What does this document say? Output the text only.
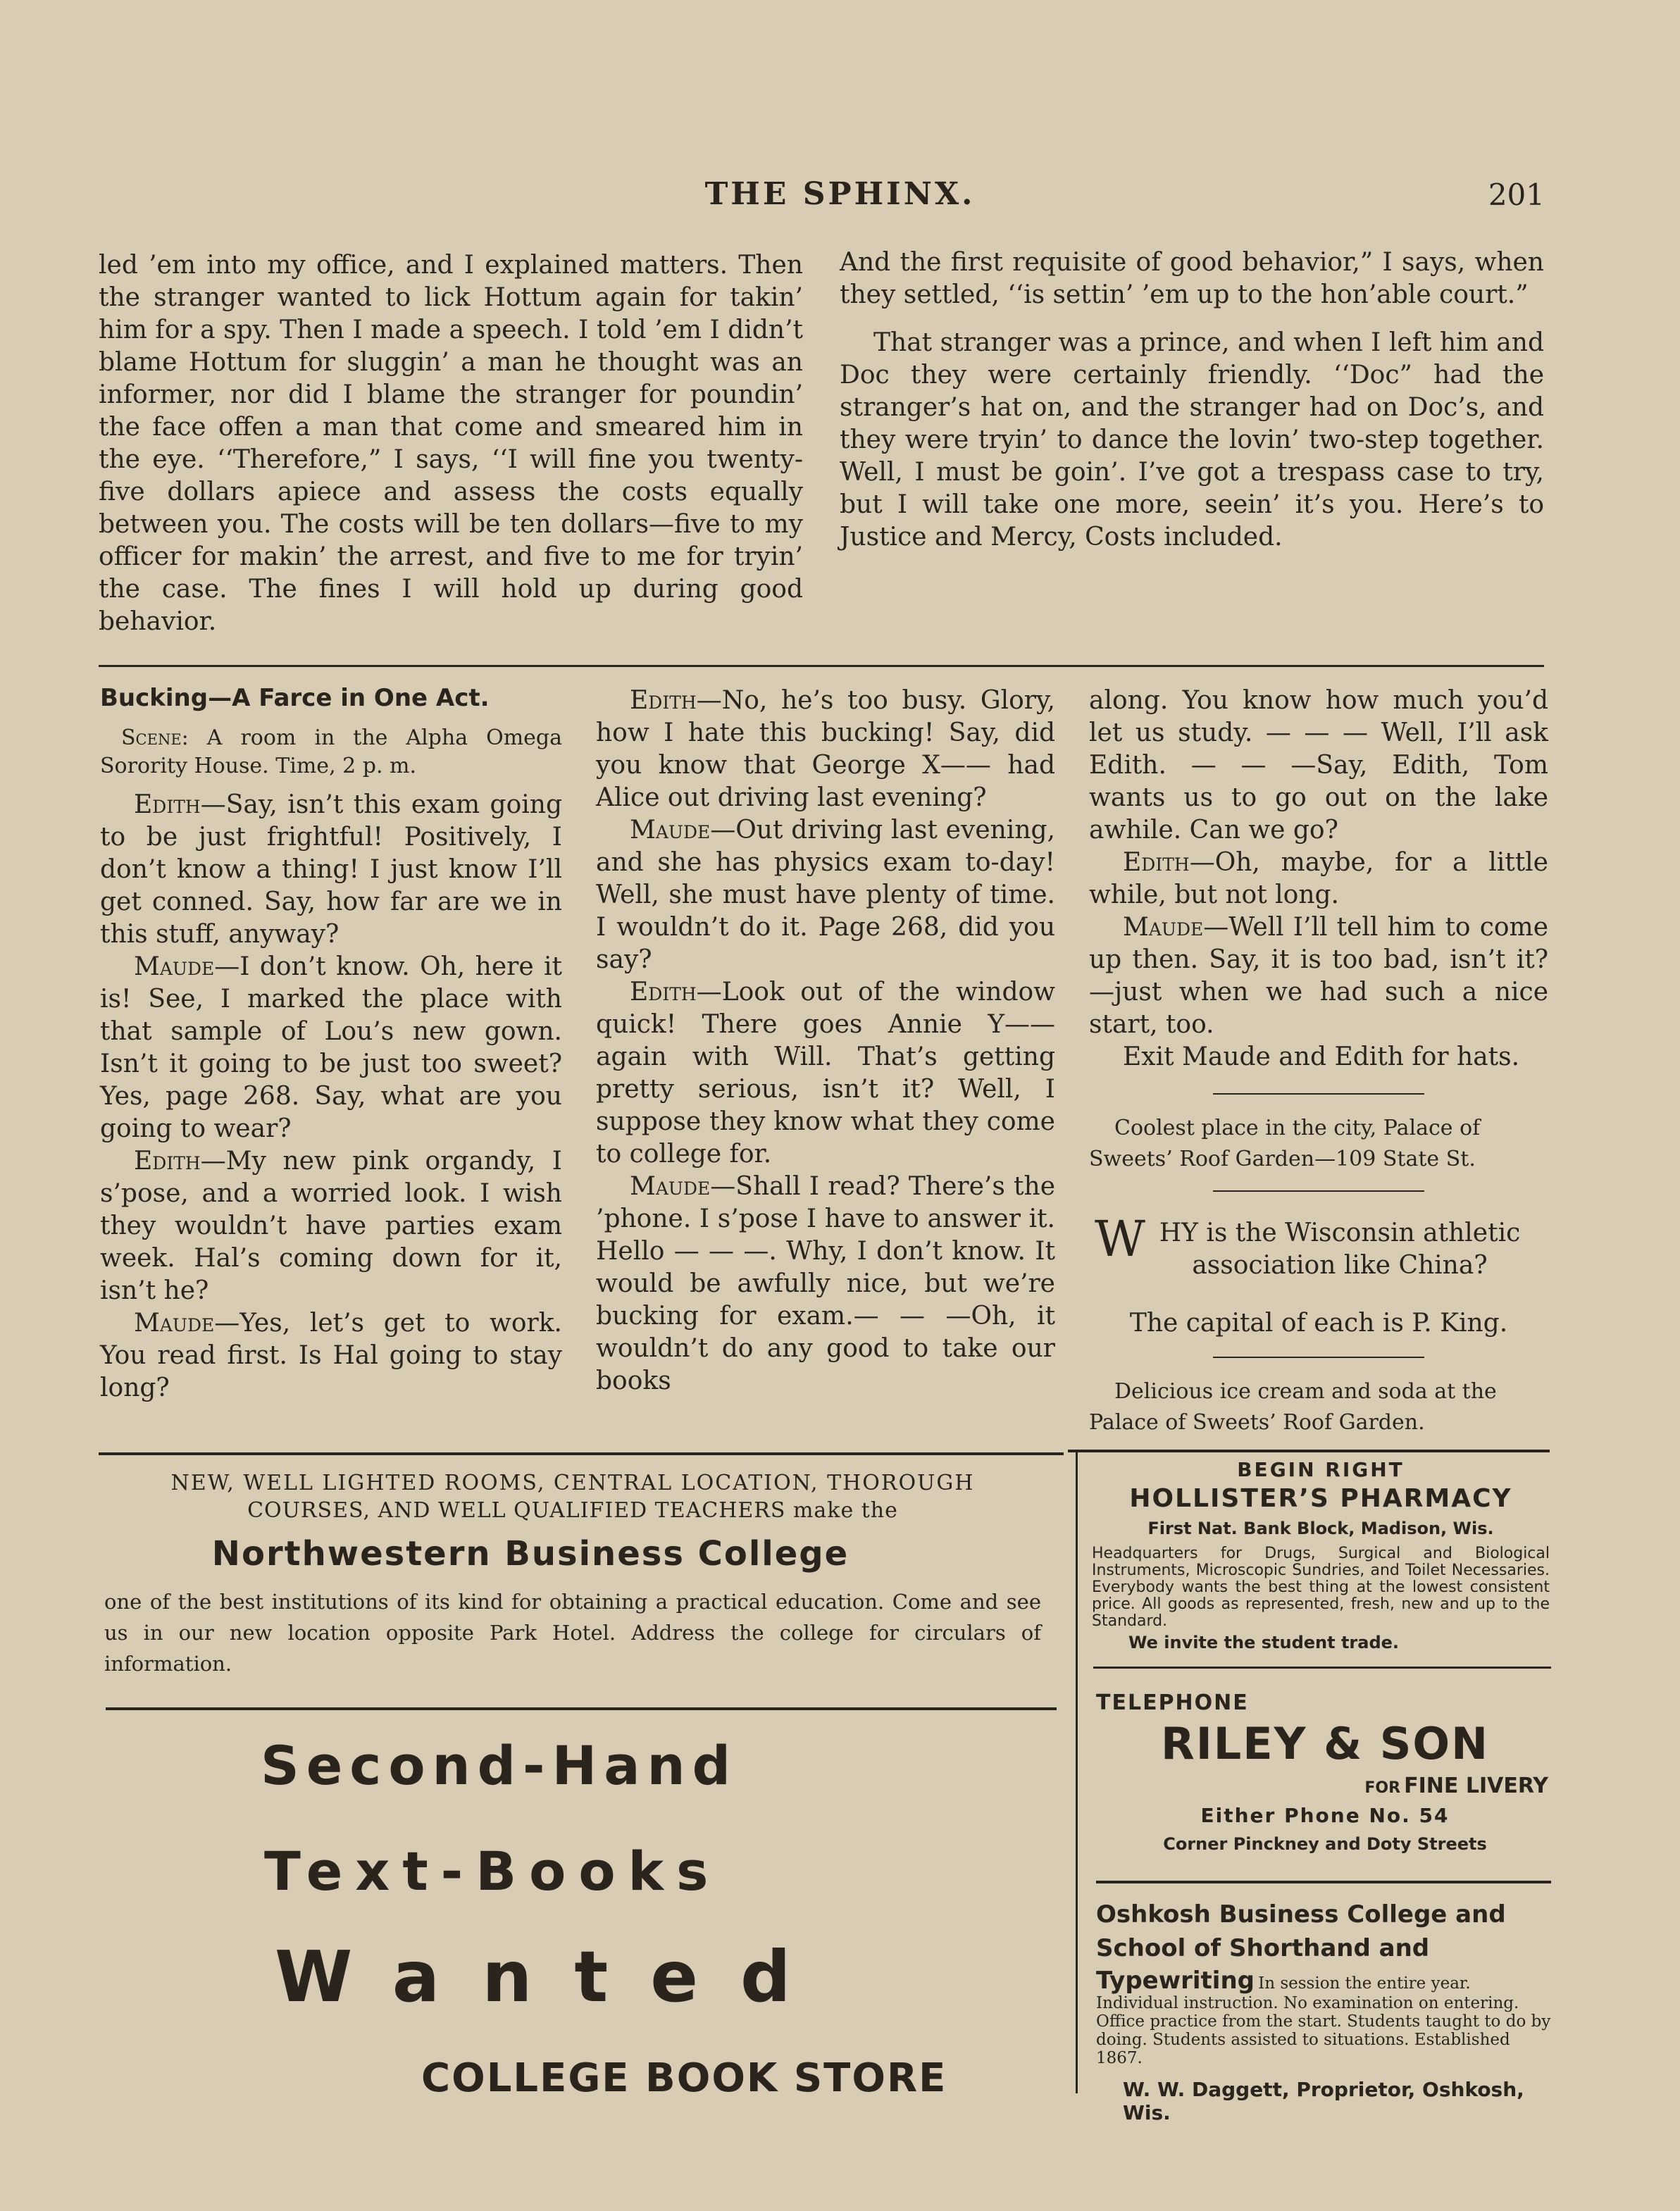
THE SPHINX.	201

led ’em into my office, and I explained matters. Then the stranger wanted to lick Hottum again for takin’ him for a spy. Then I made a speech. I told ’em I didn’t blame Hottum for sluggin’ a man he thought was an informer, nor did I blame the stranger for poundin’ the face offen a man that come and smeared him in the eye. ‘‘Therefore,” I says, ‘‘I will fine you twenty-five dollars apiece and assess the costs equally between you. The costs will be ten dollars—five to my officer for makin’ the arrest, and five to me for tryin’ the case. The fines I will hold up during good behavior.

And the first requisite of good behavior,” I says, when they settled, ‘‘is settin’ ’em up to the hon’able court.”

That stranger was a prince, and when I left him and Doc they were certainly friendly. ‘‘Doc” had the stranger’s hat on, and the stranger had on Doc’s, and they were tryin’ to dance the lovin’ two-step together. Well, I must be goin’. I’ve got a trespass case to try, but I will take one more, seein’ it’s you. Here’s to Justice and Mercy, Costs included.

Bucking—A Farce in One Act.
Scene: A room in the Alpha Omega Sorority House. Time, 2 p. m.

Edith—Say, isn’t this exam going to be just frightful! Positively, I don’t know a thing! I just know I’ll get conned. Say, how far are we in this stuff, anyway?

Maude—I don’t know. Oh, here it is! See, I marked the place with that sample of Lou’s new gown. Isn’t it going to be just too sweet? Yes, page 268. Say, what are you going to wear?

Edith—My new pink organdy, I s’pose, and a worried look. I wish they wouldn’t have parties exam week. Hal’s coming down for it, isn’t he?

Maude—Yes, let’s get to work. You read first. Is Hal going to stay long?

Edith—No, he’s too busy. Glory, how I hate this bucking! Say, did you know that George X—— had Alice out driving last evening?

Maude—Out driving last evening, and she has physics exam to-day! Well, she must have plenty of time. I wouldn’t do it. Page 268, did you say?

Edith—Look out of the window quick! There goes Annie Y—— again with Will. That’s getting pretty serious, isn’t it? Well, I suppose they know what they come to college for.

Maude—Shall I read? There’s the ’phone. I s’pose I have to answer it. Hello — — —. Why, I don’t know. It would be awfully nice, but we’re bucking for exam.— — —Oh, it wouldn’t do any good to take our books

along. You know how much you’d let us study. — — — Well, I’ll ask Edith. — — —Say, Edith, Tom wants us to go out on the lake awhile. Can we go?

Edith—Oh, maybe, for a little while, but not long.

Maude—Well I’ll tell him to come up then. Say, it is too bad, isn’t it?—just when we had such a nice start, too.

Exit Maude and Edith for hats.

Coolest place in the city, Palace of Sweets’ Roof Garden—109 State St.

W HY is the Wisconsin athletic association like China?

The capital of each is P. King.

Delicious ice cream and soda at the Palace of Sweets’ Roof Garden.

NEW, WELL LIGHTED ROOMS, CENTRAL LOCATION, THOROUGH
COURSES, AND WELL QUALIFIED TEACHERS make the
Northwestern Business College
one of the best institutions of its kind for obtaining a practical education. Come and see us in our new location opposite Park Hotel. Address the college for circulars of information.
Second-Hand
Text-Books
Wanted
COLLEGE BOOK STORE
BEGIN RIGHT
HOLLISTER’S PHARMACY
First Nat. Bank Block, Madison, Wis.
Headquarters for Drugs, Surgical and Biological Instruments, Microscopic Sundries, and Toilet Necessaries. Everybody wants the best thing at the lowest consistent price. All goods as represented, fresh, new and up to the Standard.
We invite the student trade.
TELEPHONE
RILEY & SON
FOR FINE LIVERY
Either Phone No. 54
Corner Pinckney and Doty Streets
Oshkosh Business College and School of Shorthand and
Typewriting In session the entire year. Individual instruction. No examination on entering. Office practice from the start. Students taught to do by doing. Students assisted to situations. Established 1867.
W. W. Daggett, Proprietor, Oshkosh, Wis.
